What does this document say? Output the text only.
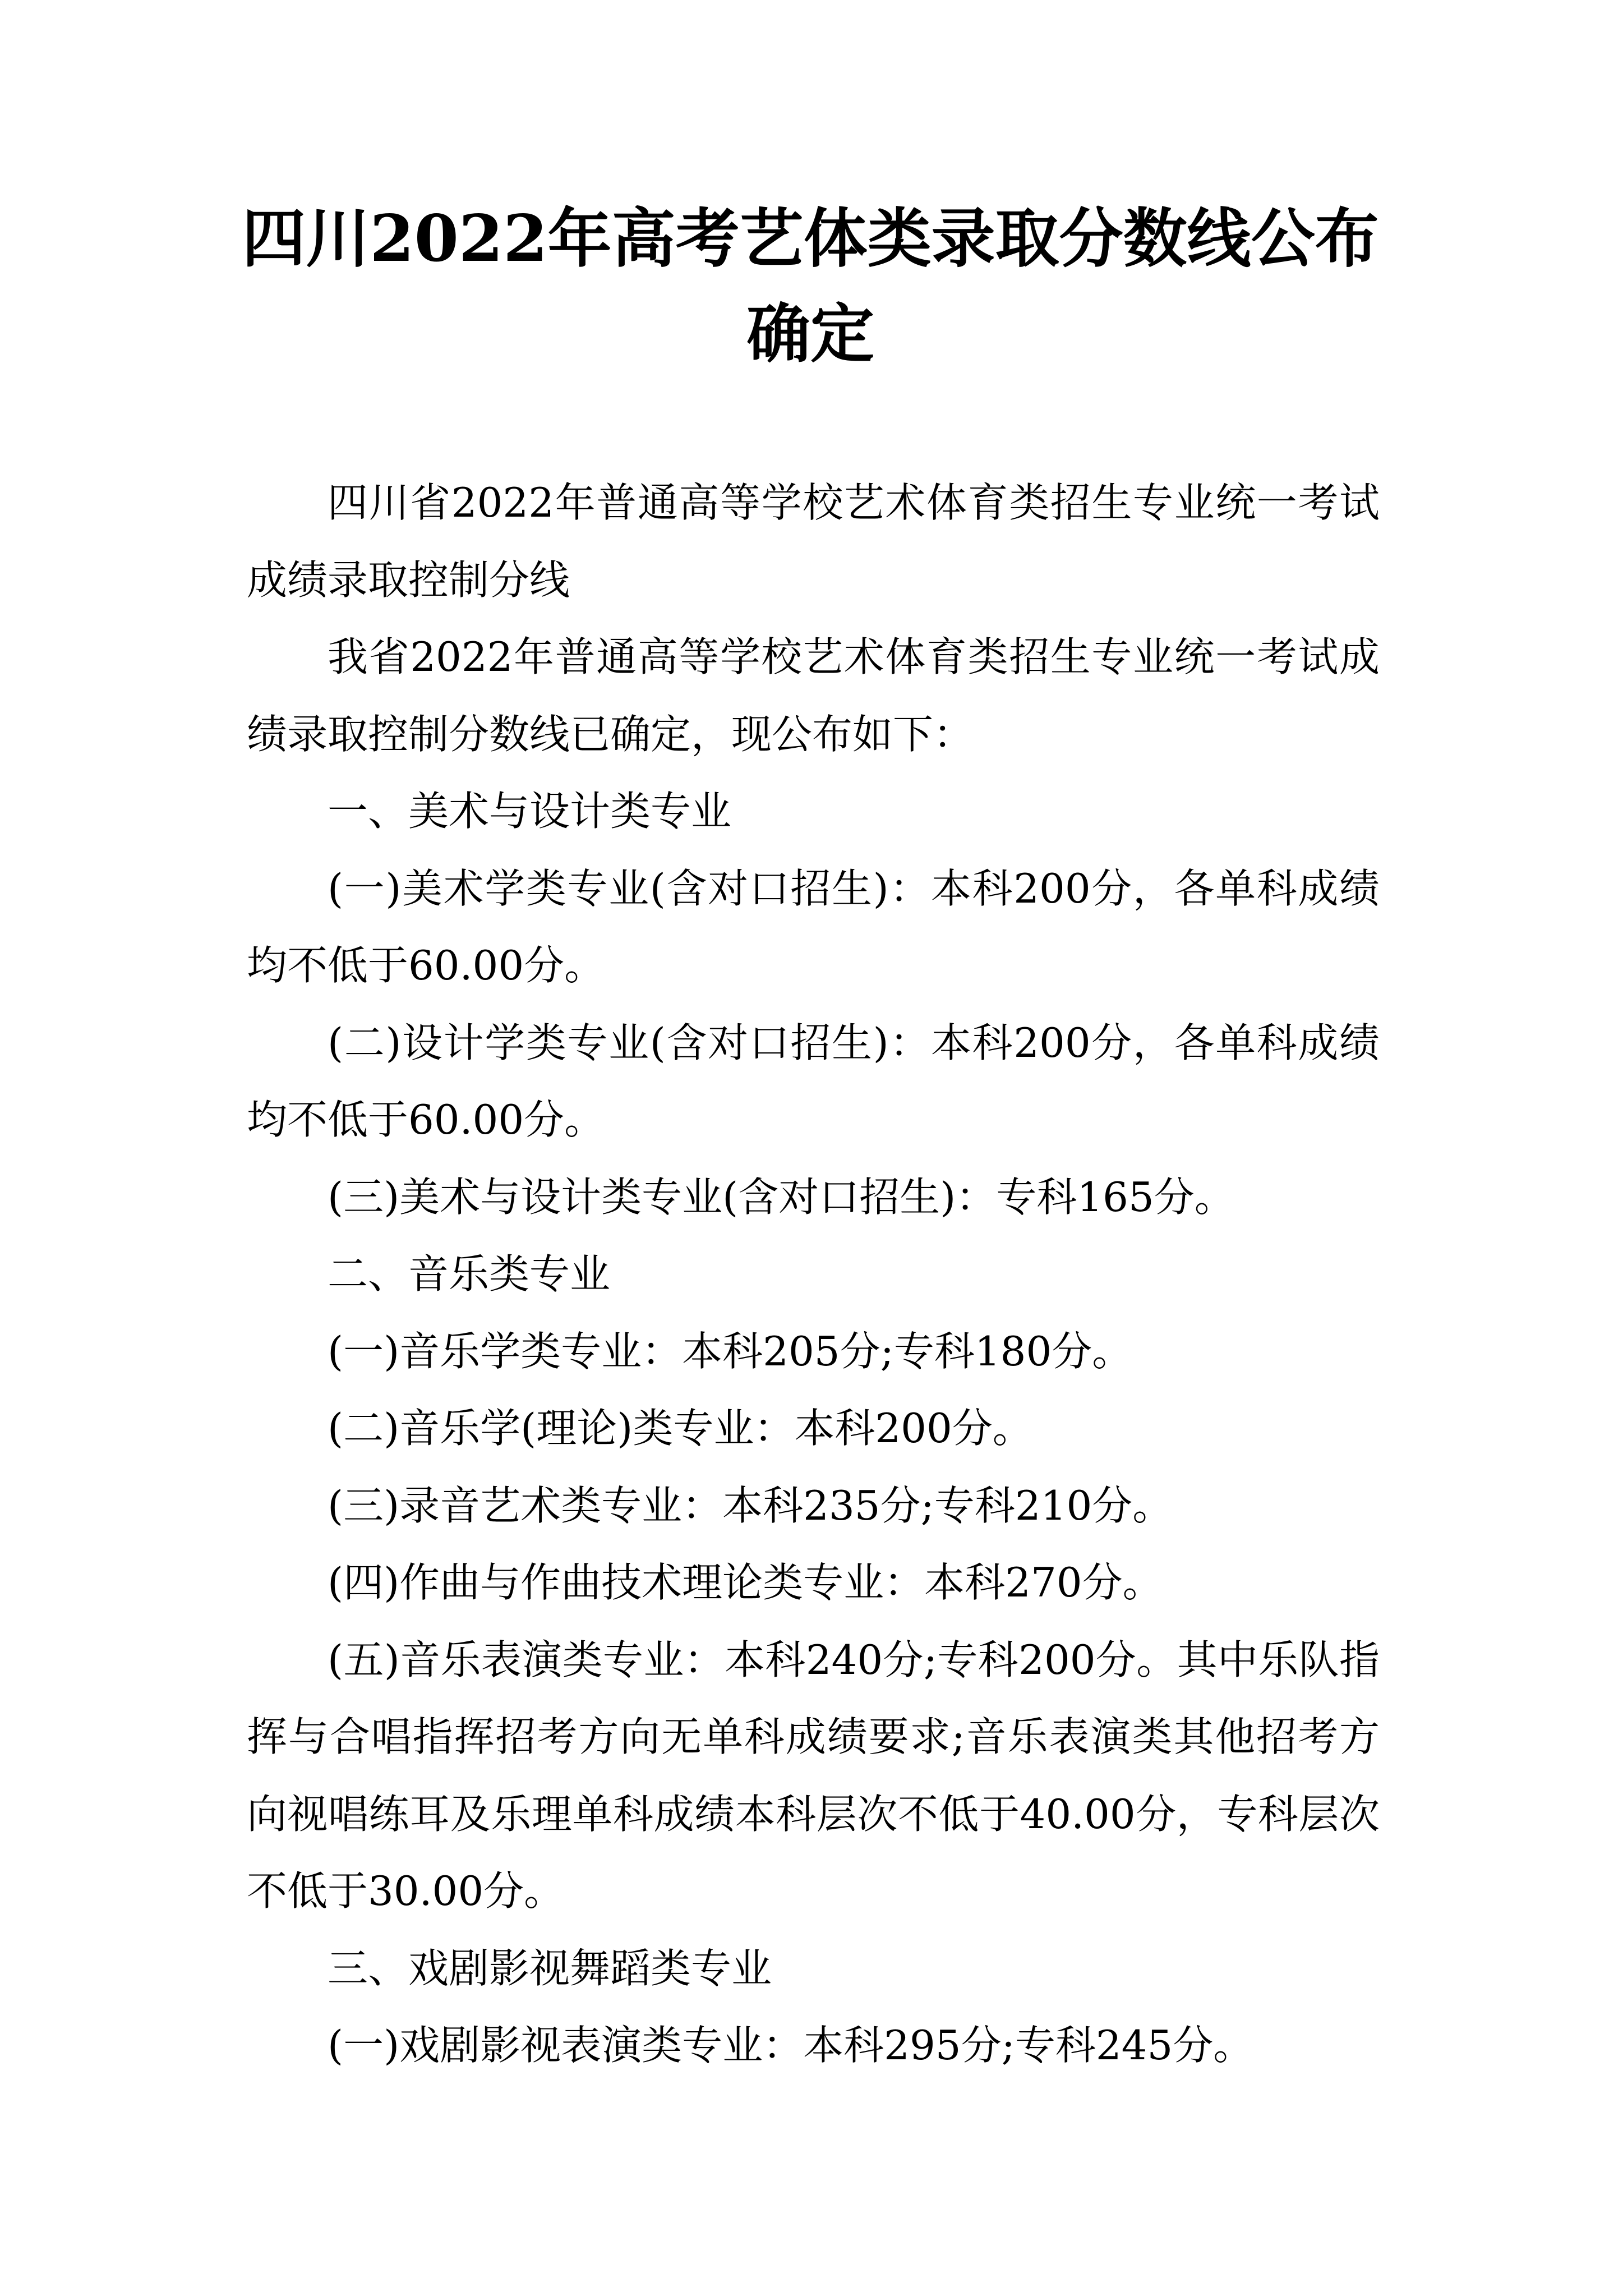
四川2022年高考艺体类录取分数线公布确定

四川省2022年普通高等学校艺术体育类招生专业统一考试成绩录取控制分线

我省2022年普通高等学校艺术体育类招生专业统一考试成绩录取控制分数线已确定，现公布如下：

一、美术与设计类专业

(一)美术学类专业(含对口招生)：本科200分，各单科成绩均不低于60.00分。

(二)设计学类专业(含对口招生)：本科200分，各单科成绩均不低于60.00分。

(三)美术与设计类专业(含对口招生)：专科165分。

二、音乐类专业

(一)音乐学类专业：本科205分;专科180分。

(二)音乐学(理论)类专业：本科200分。

(三)录音艺术类专业：本科235分;专科210分。

(四)作曲与作曲技术理论类专业：本科270分。

(五)音乐表演类专业：本科240分;专科200分。其中乐队指挥与合唱指挥招考方向无单科成绩要求;音乐表演类其他招考方向视唱练耳及乐理单科成绩本科层次不低于40.00分，专科层次不低于30.00分。

三、戏剧影视舞蹈类专业

(一)戏剧影视表演类专业：本科295分;专科245分。
